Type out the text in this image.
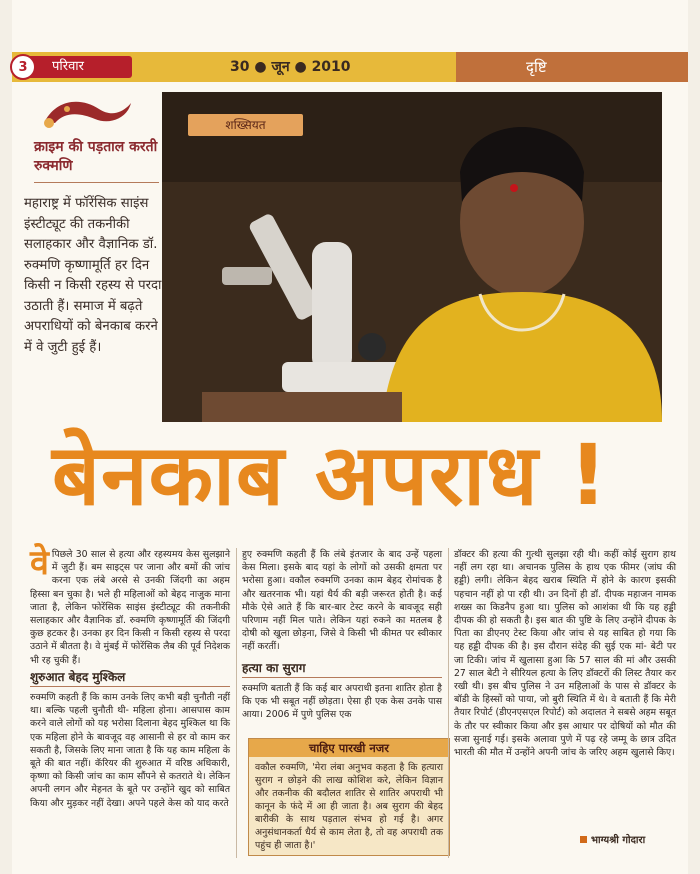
परिवार
3	30 ● जून ● 2010	दृष्टि
क्राइम की पड़ताल करती रुक्मणि
महाराष्ट्र में फॉरेंसिक साइंस इंस्टीट्यूट की तकनीकी सलाहकार और वैज्ञानिक डॉ. रुक्मणि कृष्णामूर्ति हर दिन किसी न किसी रहस्य से परदा उठाती हैं। समाज में बढ़ते अपराधियों को बेनकाब करने में वे जुटी हुई हैं।
शख्सियत
बेनकाब अपराध !
वे पिछले 30 साल से हत्या और रहस्यमय केस सुलझाने में जुटी हैं। बम साइट्स पर जाना और बमों की जांच करना एक लंबे अरसे से उनकी जिंदगी का अहम हिस्सा बन चुका है। भले ही महिलाओं को बेहद नाजुक माना जाता है, लेकिन फोरेंसिक साइंस इंस्टीट्यूट की तकनीकी सलाहकार और वैज्ञानिक डॉ. रुक्मणि कृष्णामूर्ति की जिंदगी कुछ हटकर है। उनका हर दिन किसी न किसी रहस्य से परदा उठाने में बीतता है। वे मुंबई में फोरेंसिक लैब की पूर्व निदेशक भी रह चुकी हैं।
शुरुआत बेहद मुश्किल
रुक्मणि कहती हैं कि काम उनके लिए कभी बड़ी चुनौती नहीं था। बल्कि पहली चुनौती थी- महिला होना। आसपास काम करने वाले लोगों को यह भरोसा दिलाना बेहद मुश्किल था कि एक महिला होने के बावजूद वह आसानी से हर वो काम कर सकती है, जिसके लिए माना जाता है कि यह काम महिला के बूते की बात नहीं। कॅरियर की शुरुआत में वरिष्ठ अधिकारी, कृष्णा को किसी जांच का काम सौंपने से कतराते थे। लेकिन अपनी लगन और मेहनत के बूते पर उन्होंने खुद को साबित किया और मुड़कर नहीं देखा। अपने पहले केस को याद करते
हुए रुक्मणि कहती हैं कि लंबे इंतजार के बाद उन्हें पहला केस मिला। इसके बाद यहां के लोगों को उसकी क्षमता पर भरोसा हुआ। वकौल रुक्मणि उनका काम बेहद रोमांचक है और खतरनाक भी। यहां धैर्य की बड़ी जरूरत होती है। कई मौके ऐसे आते हैं कि बार-बार टेस्ट करने के बावजूद सही परिणाम नहीं मिल पाते। लेकिन यहां रुकने का मतलब है दोषी को खुला छोड़ना, जिसे वे किसी भी कीमत पर स्वीकार नहीं करतीं।
हत्या का सुराग
रुक्मणि बताती हैं कि कई बार अपराधी इतना शातिर होता है कि एक भी सबूत नहीं छोड़ता। ऐसा ही एक केस उनके पास आया। 2006 में पुणे पुलिस एक
चाहिए पारखी नजर
वकौल रुक्मणि, 'मेरा लंबा अनुभव कहता है कि हत्यारा सुराग न छोड़ने की लाख कोशिश करे, लेकिन विज्ञान और तकनीक की बदौलत शातिर से शातिर अपराधी भी कानून के फंदे में आ ही जाता है। अब सुराग की बेहद बारीकी के साथ पड़ताल संभव हो गई है। अगर अनुसंधानकर्ता धैर्य से काम लेता है, तो वह अपराधी तक पहुंच ही जाता है।'
डॉक्टर की हत्या की गुत्थी सुलझा रही थी। कहीं कोई सुराग हाथ नहीं लग रहा था। अचानक पुलिस के हाथ एक फीमर (जांघ की हड्डी) लगी। लेकिन बेहद खराब स्थिति में होने के कारण इसकी पहचान नहीं हो पा रही थी। उन दिनों ही डॉ. दीपक महाजन नामक शख्स का किडनैप हुआ था। पुलिस को आशंका थी कि यह हड्डी दीपक की हो सकती है। इस बात की पुष्टि के लिए उन्होंने दीपक के पिता का डीएनए टेस्ट किया और जांच से यह साबित हो गया कि यह हड्डी दीपक की है। इस दौरान संदेह की सुई एक मां- बेटी पर जा टिकी। जांच में खुलासा हुआ कि 57 साल की मां और उसकी 27 साल बेटी ने सीरियल हत्या के लिए डॉक्टरों की लिस्ट तैयार कर रखी थी। इस बीच पुलिस ने उन महिलाओं के पास से डॉक्टर के बॉडी के हिस्सों को पाया, जो बुरी स्थिति में थे। वे बताती हैं कि मेरी तैयार रिपोर्ट (डीएनएसएल रिपोर्ट) को अदालत ने सबसे अहम सबूत के तौर पर स्वीकार किया और इस आधार पर दोषियों को मौत की सजा सुनाई गई। इसके अलावा पुणे में पढ़ रहे जम्मू के छात्र उदित भारती की मौत में उन्होंने अपनी जांच के जरिए अहम खुलासे किए।
भाग्यश्री गोदारा
